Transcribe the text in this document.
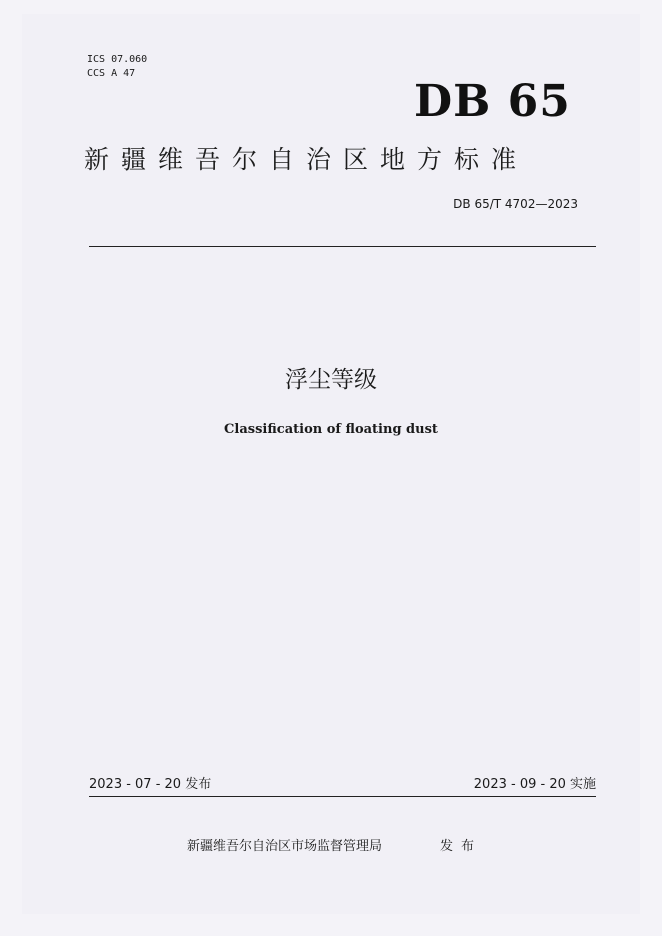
ICS 07.060
CCS A 47
DB 65
新疆维吾尔自治区地方标准
DB 65/T 4702—2023
浮尘等级
Classification of floating dust
2023 - 07 - 20 发布	2023 - 09 - 20 实施
新疆维吾尔自治区市场监督管理局	发布
